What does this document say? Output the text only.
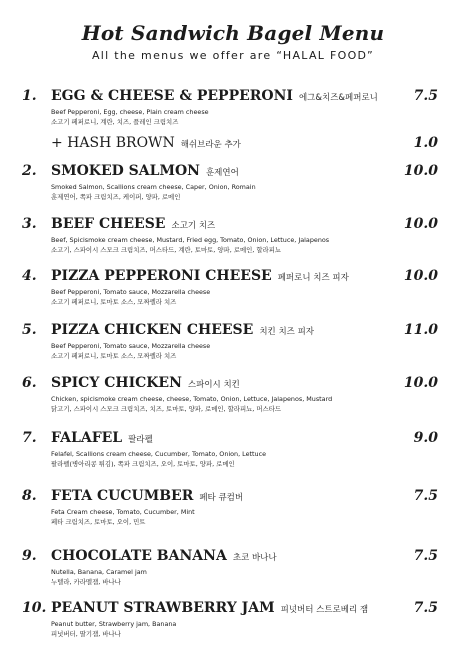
Hot Sandwich Bagel Menu
All the menus we offer are “HALAL FOOD”
1. EGG & CHEESE & PEPPERONI 에그&치즈&페퍼로니	7.5
Beef Pepperoni, Egg, cheese, Plain cream cheese
소고기 페퍼로니, 계란, 치즈, 플레인 크림치즈
+ HASH BROWN 해쉬브라운 추가	1.0
2. SMOKED SALMON 훈제연어	10.0
Smoked Salmon, Scallions cream cheese, Caper, Onion, Romain
훈제연어, 쪽파 크림치즈, 케이퍼, 양파, 로메인
3. BEEF CHEESE 소고기 치즈	10.0
Beef, Spicismoke cream cheese, Mustard, Fried egg, Tomato, Onion, Lettuce, Jalapenos
소고기, 스파이시 스모크 크림치즈, 머스타드, 계란, 토마토, 양파, 로메인, 할라피뇨
4. PIZZA PEPPERONI CHEESE 페퍼로니 치즈 피자	10.0
Beef Pepperoni, Tomato sauce, Mozzarella cheese
소고기 페퍼로니, 토마토 소스, 모짜렐라 치즈
5. PIZZA CHICKEN CHEESE 치킨 치즈 피자	11.0
Beef Pepperoni, Tomato sauce, Mozzarella cheese
소고기 페퍼로니, 토마토 소스, 모짜렐라 치즈
6. SPICY CHICKEN 스파이시 치킨	10.0
Chicken, spicismoke cream cheese, cheese, Tomato, Onion, Lettuce, Jalapenos, Mustard
닭고기, 스파이시 스모크 크림치즈, 치즈, 토마토, 양파, 로메인, 할라피뇨, 머스타드
7. FALAFEL 팔라펠	9.0
Felafel, Scallions cream cheese, Cucumber, Tomato, Onion, Lettuce
팔라펠(병아리콩 튀김), 쪽파 크림치즈, 오이, 토마토, 양파, 로메인
8. FETA CUCUMBER 페타 큐컴버	7.5
Feta Cream cheese, Tomato, Cucumber, Mint
페타 크림치즈, 토마토, 오이, 민트
9. CHOCOLATE BANANA 초코 바나나	7.5
Nutella, Banana, Caramel jam
누텔라, 카라멜잼, 바나나
10. PEANUT STRAWBERRY JAM 피넛버터 스트로베리 잼	7.5
Peanut butter, Strawberry jam, Banana
피넛버터, 딸기잼, 바나나
